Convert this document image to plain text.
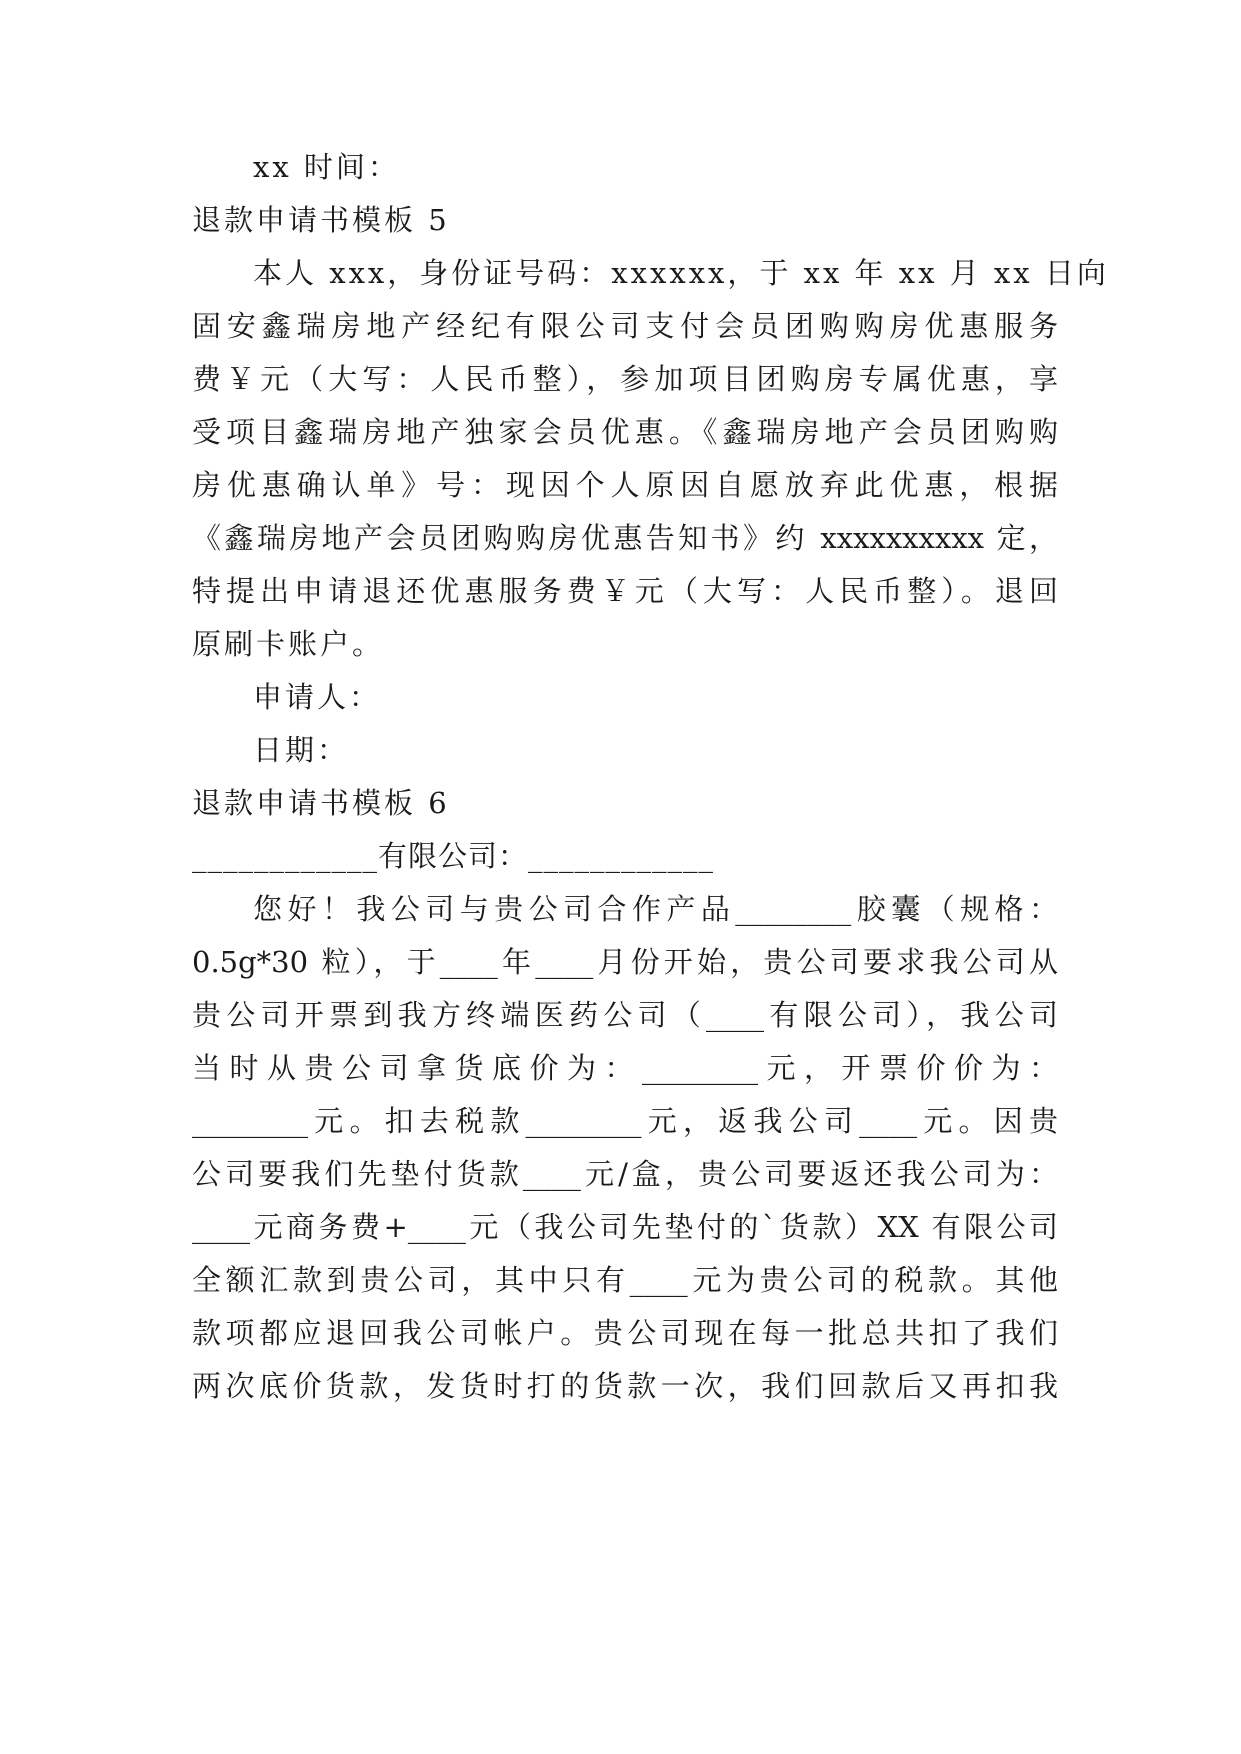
xx 时间：
退款申请书模板 5
本人 xxx，身份证号码：xxxxxx，于 xx 年 xx 月 xx 日向
固安鑫瑞房地产经纪有限公司支付会员团购购房优惠服务
费￥元（大写：人民币整），参加项目团购房专属优惠，享
受项目鑫瑞房地产独家会员优惠。《鑫瑞房地产会员团购购
房优惠确认单》号：现因个人原因自愿放弃此优惠，根据
《鑫瑞房地产会员团购购房优惠告知书》约 xxxxxxxxxx 定，
特提出申请退还优惠服务费￥元（大写：人民币整）。退回
原刷卡账户。
申请人：
日期：
退款申请书模板 6
____________有限公司：____________
您好！我公司与贵公司合作产品________胶囊（规格：
0.5g*30 粒），于____年____月份开始，贵公司要求我公司从
贵公司开票到我方终端医药公司（____有限公司），我公司
当时从贵公司拿货底价为：________元，开票价价为：
________元。扣去税款________元，返我公司____元。因贵
公司要我们先垫付货款____元/盒，贵公司要返还我公司为：
____元商务费+____元（我公司先垫付的`货款）XX 有限公司
全额汇款到贵公司，其中只有____元为贵公司的税款。其他
款项都应退回我公司帐户。贵公司现在每一批总共扣了我们
两次底价货款，发货时打的货款一次，我们回款后又再扣我
